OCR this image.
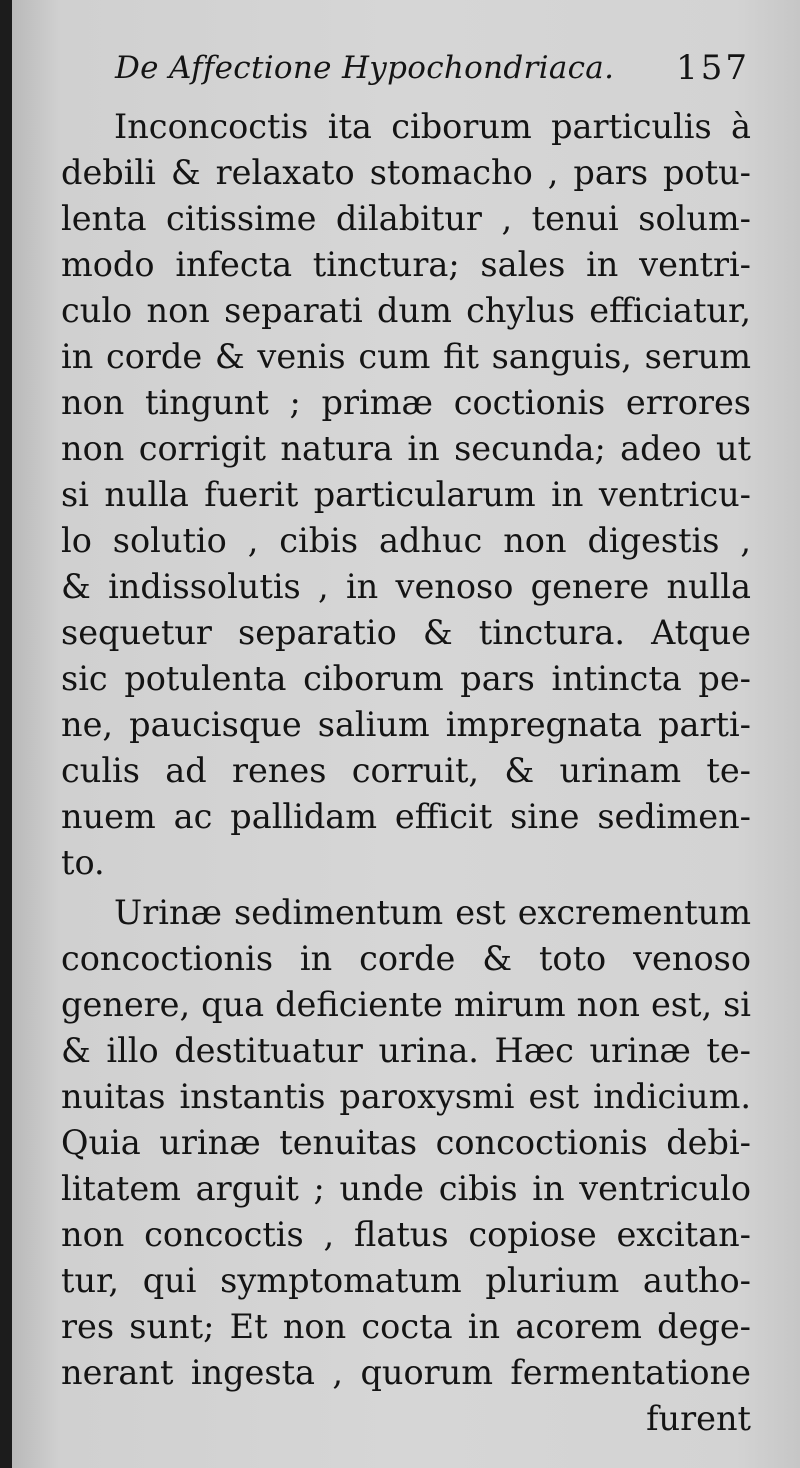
De Affectione Hypochondriaca. 157
Inconcoctis ita ciborum particulis à
debili & relaxato stomacho , pars potu-
lenta citissime dilabitur , tenui solum-
modo infecta tinctura; sales in ventri-
culo non separati dum chylus efficiatur,
in corde & venis cum fit sanguis, serum
non tingunt ; primæ coctionis errores
non corrigit natura in secunda; adeo ut
si nulla fuerit particularum in ventricu-
lo solutio , cibis adhuc non digestis ,
& indissolutis , in venoso genere nulla
sequetur separatio & tinctura. Atque
sic potulenta ciborum pars intincta pe-
ne, paucisque salium impregnata parti-
culis ad renes corruit, & urinam te-
nuem ac pallidam efficit sine sedimen-
to.
Urinæ sedimentum est excrementum
concoctionis in corde & toto venoso
genere, qua deficiente mirum non est, si
& illo destituatur urina. Hæc urinæ te-
nuitas instantis paroxysmi est indicium.
Quia urinæ tenuitas concoctionis debi-
litatem arguit ; unde cibis in ventriculo
non concoctis , flatus copiose excitan-
tur, qui symptomatum plurium autho-
res sunt; Et non cocta in acorem dege-
nerant ingesta , quorum fermentatione
furent
